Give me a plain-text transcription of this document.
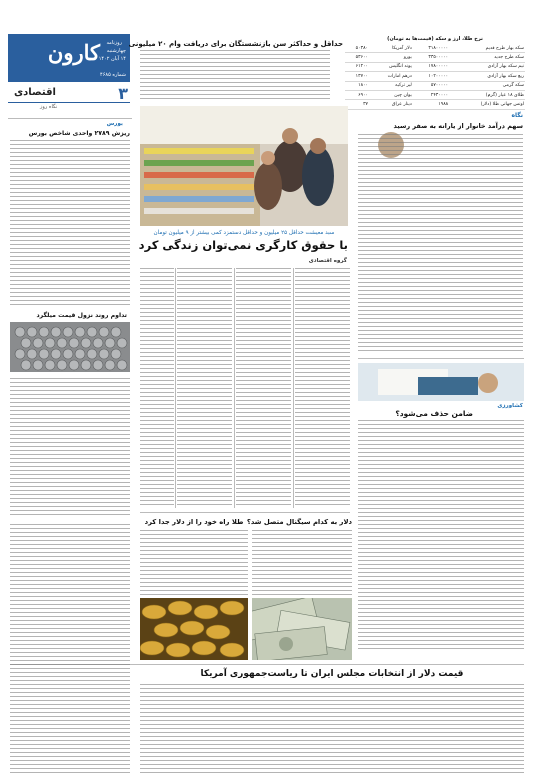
کارون روزنامه
چهارشنبه
۱۴ آبان ۱۴۰۲
شماره ۴۶۸۵
۳
اقتصادی
نگاه روز
حداقل و حداکثر سن بازنشستگان برای دریافت وام ۲۰ میلیونی
نرخ طلا، ارز و سکه (قیمت‌ها به تومان)
سکه بهار طرح قدیم	۳۱۸۰۰۰۰۰	دلار آمریکا	۵۰۳۸۰
سکه طرح جدید	۳۳۵۰۰۰۰۰	یورو	۵۳۶۰۰
نیم سکه بهار آزادی	۱۷۸۰۰۰۰۰	پوند انگلیس	۶۱۲۰۰
ربع سکه بهار آزادی	۱۰۲۰۰۰۰۰	درهم امارات	۱۳۷۰۰
سکه گرمی	۵۷۰۰۰۰۰	لیر ترکیه	۱۸۰۰
طلای ۱۸ عیار (گرم)	۲۴۳۰۰۰۰	یوان چین	۶۹۰۰
اونس جهانی طلا (دلار)	۱۹۸۸	دینار عراق	۳۷
نگاه
سهم درآمد خانوار از یارانه به صفر رسید
سبد معیشت حداقل ۲۵ میلیون و حداقل دستمزد کمی بیشتر از ۹ میلیون تومان
با حقوق کارگری نمی‌توان زندگی کرد
گروه اقتصادی
بورس
ریزش ۲۷۸۹ واحدی شاخص بورس
تداوم روند نزول قیمت میلگرد
کشاورزی
ضامن حذف می‌شود؟
دلار به کدام سیگنال متصل شد؟
طلا راه خود را از دلار جدا کرد
قیمت دلار از انتخابات مجلس ایران تا ریاست‌جمهوری آمریکا
